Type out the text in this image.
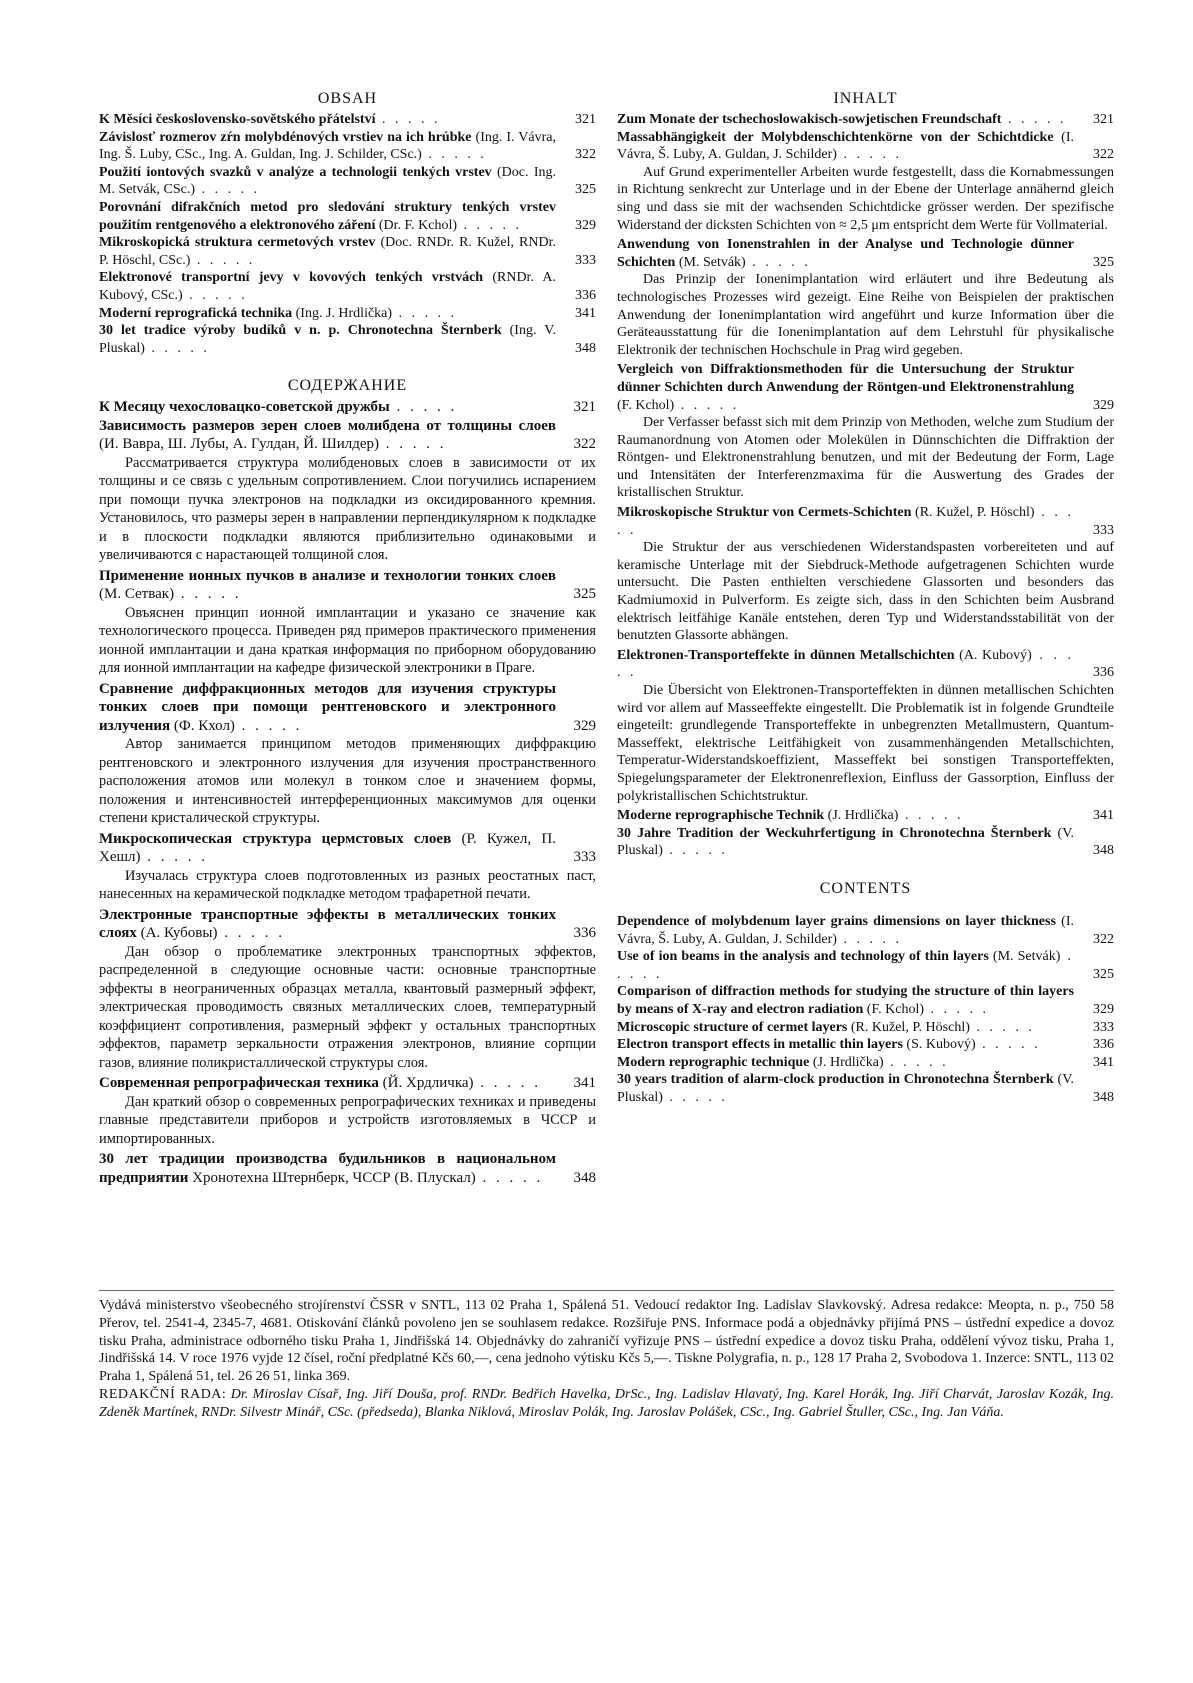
OBSAH

K Měsíci československo-sovětského přátelství . . . . .	321

Závislosť rozmerov zŕn molybdénových vrstiev na ich hrúbke (Ing. I. Vávra, Ing. Š. Luby, CSc., Ing. A. Guldan, Ing. J. Schilder, CSc.) . . . . .	322

Použití iontových svazků v analýze a technologii tenkých vrstev (Doc. Ing. M. Setvák, CSc.) . . . . .	325

Porovnání difrakčních metod pro sledování struktury tenkých vrstev použitím rentgenového a elektronového záření (Dr. F. Kchol) . . . . .	329

Mikroskopická struktura cermetových vrstev (Doc. RNDr. R. Kužel, RNDr. P. Höschl, CSc.) . . . . .	333

Elektronové transportní jevy v kovových tenkých vrstvách (RNDr. A. Kubový, CSc.) . . . . .	336

Moderní reprografická technika (Ing. J. Hrdlička) . . . . .	341

30 let tradice výroby budíků v n. p. Chronotechna Šternberk (Ing. V. Pluskal) . . . . .	348

СОДЕРЖАНИЕ

К Месяцу чехословацко-советской дружбы . . . . .	321

Зависимость размеров зерен слоев молибдена от толщины слоев (И. Вавра, Ш. Лубы, А. Гулдан, Й. Шилдер) . . . . .	322

Рассматривается структура молибденовых слоев в зависимости от их толщины и се связь с удельным сопротивлением. Слои погучились испарением при помощи пучка электронов на подкладки из оксидированного кремния. Установилось, что размеры зерен в направлении перпендикулярном к подкладке и в плоскости подкладки являются приблизительно одинаковыми и увеличиваются с нарастающей толщиной слоя.

Применение ионных пучков в анализе и технологии тонких слоев (М. Сетвак) . . . . .	325

Овъяснен принцип ионной имплантации и указано се значение как технологического процесса. Приведен ряд примеров практического применения ионной имплантации и дана краткая информация по приборном оборудованию для ионной имплантации на кафедре физической электроники в Праге.

Сравнение диффракционных методов для изучения структуры тонких слоев при помощи рентгеновского и электронного излучения (Ф. Кхол) . . . . .	329

Автор занимается принципом методов применяющих диффракцию рентгеновского и электронного излучения для изучения пространственного расположения атомов или молекул в тонком слое и значением формы, положения и интенсивностей интерференционных максимумов для оценки степени кристалической структуры.

Микроскопическая структура цермстовых слоев (Р. Кужел, П. Хешл) . . . . .	333

Изучалась структура слоев подготовленных из разных реостатных паст, нанесенных на керамической подкладке методом трафаретной печати.

Электронные транспортные эффекты в металлических тонких слоях (А. Кубовы) . . . . .	336

Дан обзор о проблематике электронных транспортных эффектов, распределенной в следующие основные части: основные транспортные эффекты в неограниченных образцах металла, квантовый размерный эффект, электрическая проводимость связных металлических слоев, температурный коэффициент сопротивления, размерный эффект у остальных транспортных эффектов, параметр зеркальности отражения электронов, влияние сорпции газов, влияние поликристаллической структуры слоя.

Современная репрографическая техника (Й. Хрдличка) . . . . .	341

Дан краткий обзор о современных репрографических техниках и приведены главные представители приборов и устройств изготовляемых в ЧССР и импортированных.

30 лет традиции производства будильников в национальном предприятии Хронотехна Штернберк, ЧССР (В. Плускал) . . . . .	348

INHALT

Zum Monate der tschechoslowakisch-sowjetischen Freundschaft . . . . .	321

Massabhängigkeit der Molybdenschichtenkörne von der Schichtdicke (I. Vávra, Š. Luby, A. Guldan, J. Schilder) . . . . .	322

Auf Grund experimenteller Arbeiten wurde festgestellt, dass die Kornabmessungen in Richtung senkrecht zur Unterlage und in der Ebene der Unterlage annähernd gleich sing und dass sie mit der wachsenden Schichtdicke grösser werden. Der spezifische Widerstand der dicksten Schichten von ≈ 2,5 μm entspricht dem Werte für Vollmaterial.

Anwendung von Ionenstrahlen in der Analyse und Technologie dünner Schichten (M. Setvák) . . . . .	325

Das Prinzip der Ionenimplantation wird erläutert und ihre Bedeutung als technologisches Prozesses wird gezeigt. Eine Reihe von Beispielen der praktischen Anwendung der Ionenimplantation wird angeführt und kurze Information über die Geräteausstattung für die Ionenimplantation auf dem Lehrstuhl für physikalische Elektronik der technischen Hochschule in Prag wird gegeben.

Vergleich von Diffraktionsmethoden für die Untersuchung der Struktur dünner Schichten durch Anwendung der Röntgen-und Elektronenstrahlung (F. Kchol) . . . . .	329

Der Verfasser befasst sich mit dem Prinzip von Methoden, welche zum Studium der Raumanordnung von Atomen oder Molekülen in Dünnschichten die Diffraktion der Röntgen- und Elektronenstrahlung benutzen, und mit der Bedeutung der Form, Lage und Intensitäten der Interferenzmaxima für die Auswertung des Grades der kristallischen Struktur.

Mikroskopische Struktur von Cermets-Schichten (R. Kužel, P. Höschl) . . . . .	333

Die Struktur der aus verschiedenen Widerstandspasten vorbereiteten und auf keramische Unterlage mit der Siebdruck-Methode aufgetragenen Schichten wurde untersucht. Die Pasten enthielten verschiedene Glassorten und besonders das Kadmiumoxid in Pulverform. Es zeigte sich, dass in den Schichten beim Ausbrand elektrisch leitfähige Kanäle entstehen, deren Typ und Widerstandsstabilität von der benutzten Glassorte abhängen.

Elektronen-Transporteffekte in dünnen Metallschichten (A. Kubový) . . . . .	336

Die Übersicht von Elektronen-Transporteffekten in dünnen metallischen Schichten wird vor allem auf Masseeffekte eingestellt. Die Problematik ist in folgende Grundteile eingeteilt: grundlegende Transporteffekte in unbegrenzten Metallmustern, Quantum-Masseffekt, elektrische Leitfähigkeit von zusammenhängenden Metallschichten, Temperatur-Widerstandskoeffizient, Masseffekt bei sonstigen Transporteffekten, Spiegelungsparameter der Elektronenreflexion, Einfluss der Gassorption, Einfluss der polykristallischen Schichtstruktur.

Moderne reprographische Technik (J. Hrdlička) . . . . .	341

30 Jahre Tradition der Weckuhrfertigung in Chronotechna Šternberk (V. Pluskal) . . . . .	348

CONTENTS

Dependence of molybdenum layer grains dimensions on layer thickness (I. Vávra, Š. Luby, A. Guldan, J. Schilder) . . . . .	322

Use of ion beams in the analysis and technology of thin layers (M. Setvák) . . . . .	325

Comparison of diffraction methods for studying the structure of thin layers by means of X-ray and electron radiation (F. Kchol) . . . . .	329

Microscopic structure of cermet layers (R. Kužel, P. Höschl) . . . . .	333

Electron transport effects in metallic thin layers (S. Kubový) . . . . .	336

Modern reprographic technique (J. Hrdlička) . . . . .	341

30 years tradition of alarm-clock production in Chronotechna Šternberk (V. Pluskal) . . . . .	348

Vydává ministerstvo všeobecného strojírenství ČSSR v SNTL, 113 02 Praha 1, Spálená 51. Vedoucí redaktor Ing. Ladislav Slavkovský. Adresa redakce: Meopta, n. p., 750 58 Přerov, tel. 2541-4, 2345-7, 4681. Otiskování článků povoleno jen se souhlasem redakce. Rozšiřuje PNS. Informace podá a objednávky přijímá PNS – ústřední expedice a dovoz tisku Praha, administrace odborného tisku Praha 1, Jindřišská 14. Objednávky do zahraničí vyřizuje PNS – ústřední expedice a dovoz tisku Praha, oddělení vývoz tisku, Praha 1, Jindřišská 14. V roce 1976 vyjde 12 čísel, roční předplatné Kčs 60,—, cena jednoho výtisku Kčs 5,—. Tiskne Polygrafia, n. p., 128 17 Praha 2, Svobodova 1. Inzerce: SNTL, 113 02 Praha 1, Spálená 51, tel. 26 26 51, linka 369.

REDAKČNÍ RADA: Dr. Miroslav Císař, Ing. Jiří Douša, prof. RNDr. Bedřich Havelka, DrSc., Ing. Ladislav Hlavatý, Ing. Karel Horák, Ing. Jiří Charvát, Jaroslav Kozák, Ing. Zdeněk Martínek, RNDr. Silvestr Minář, CSc. (předseda), Blanka Niklová, Miroslav Polák, Ing. Jaroslav Polášek, CSc., Ing. Gabriel Štuller, CSc., Ing. Jan Váňa.
